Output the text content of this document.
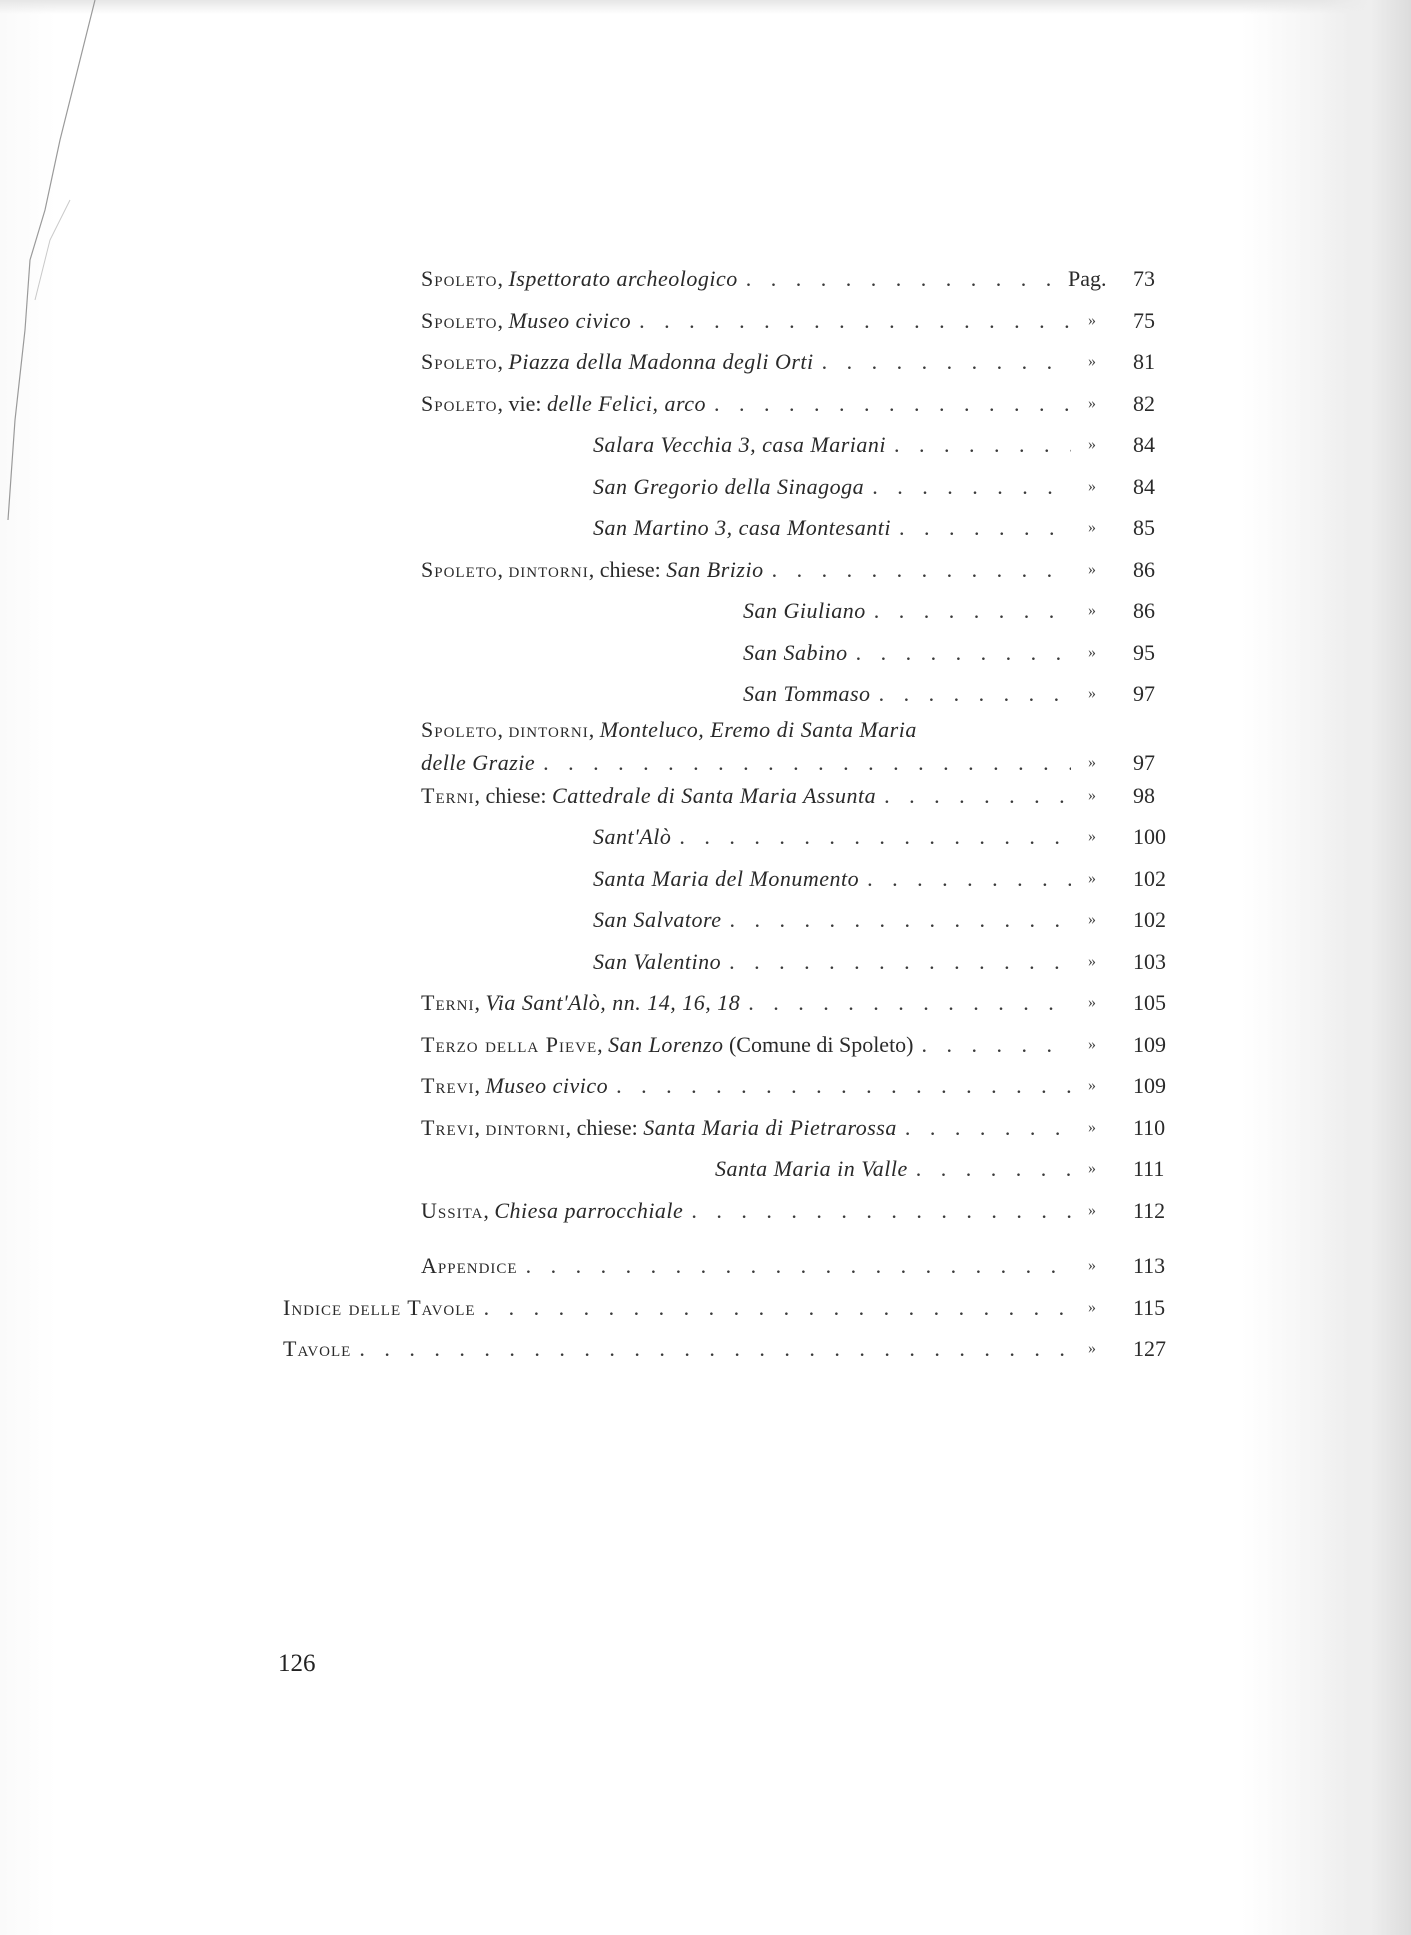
Spoleto, Ispettorato archeologico . . .	Pag. 73
Spoleto, Museo civico . . .	»	75
Spoleto, Piazza della Madonna degli Orti . . .	»	81
Spoleto, vie: delle Felici, arco . . .	»	82
Salara Vecchia 3, casa Mariani . . .	»	84
San Gregorio della Sinagoga . . .	»	84
San Martino 3, casa Montesanti . . .	»	85
Spoleto, dintorni, chiese: San Brizio . . .	»	86
San Giuliano . . .	»	86
San Sabino . . .	»	95
San Tommaso . . .	»	97
Spoleto, dintorni, Monteluco, Eremo di Santa Maria
delle Grazie . . .	»	97
Terni, chiese: Cattedrale di Santa Maria Assunta . . .	»	98
Sant'Alò . . .	»	100
Santa Maria del Monumento . . .	»	102
San Salvatore . . .	»	102
San Valentino . . .	»	103
Terni, Via Sant'Alò, nn. 14, 16, 18 . . .	»	105
Terzo della Pieve, San Lorenzo (Comune di Spoleto) . . .	»	109
Trevi, Museo civico . . .	»	109
Trevi, dintorni, chiese: Santa Maria di Pietrarossa . . .	»	110
Santa Maria in Valle . . .	»	111
Ussita, Chiesa parrocchiale . . .	»	112
Appendice . . .	»	113
Indice delle Tavole . . .	»	115
Tavole . . .	»	127
126
